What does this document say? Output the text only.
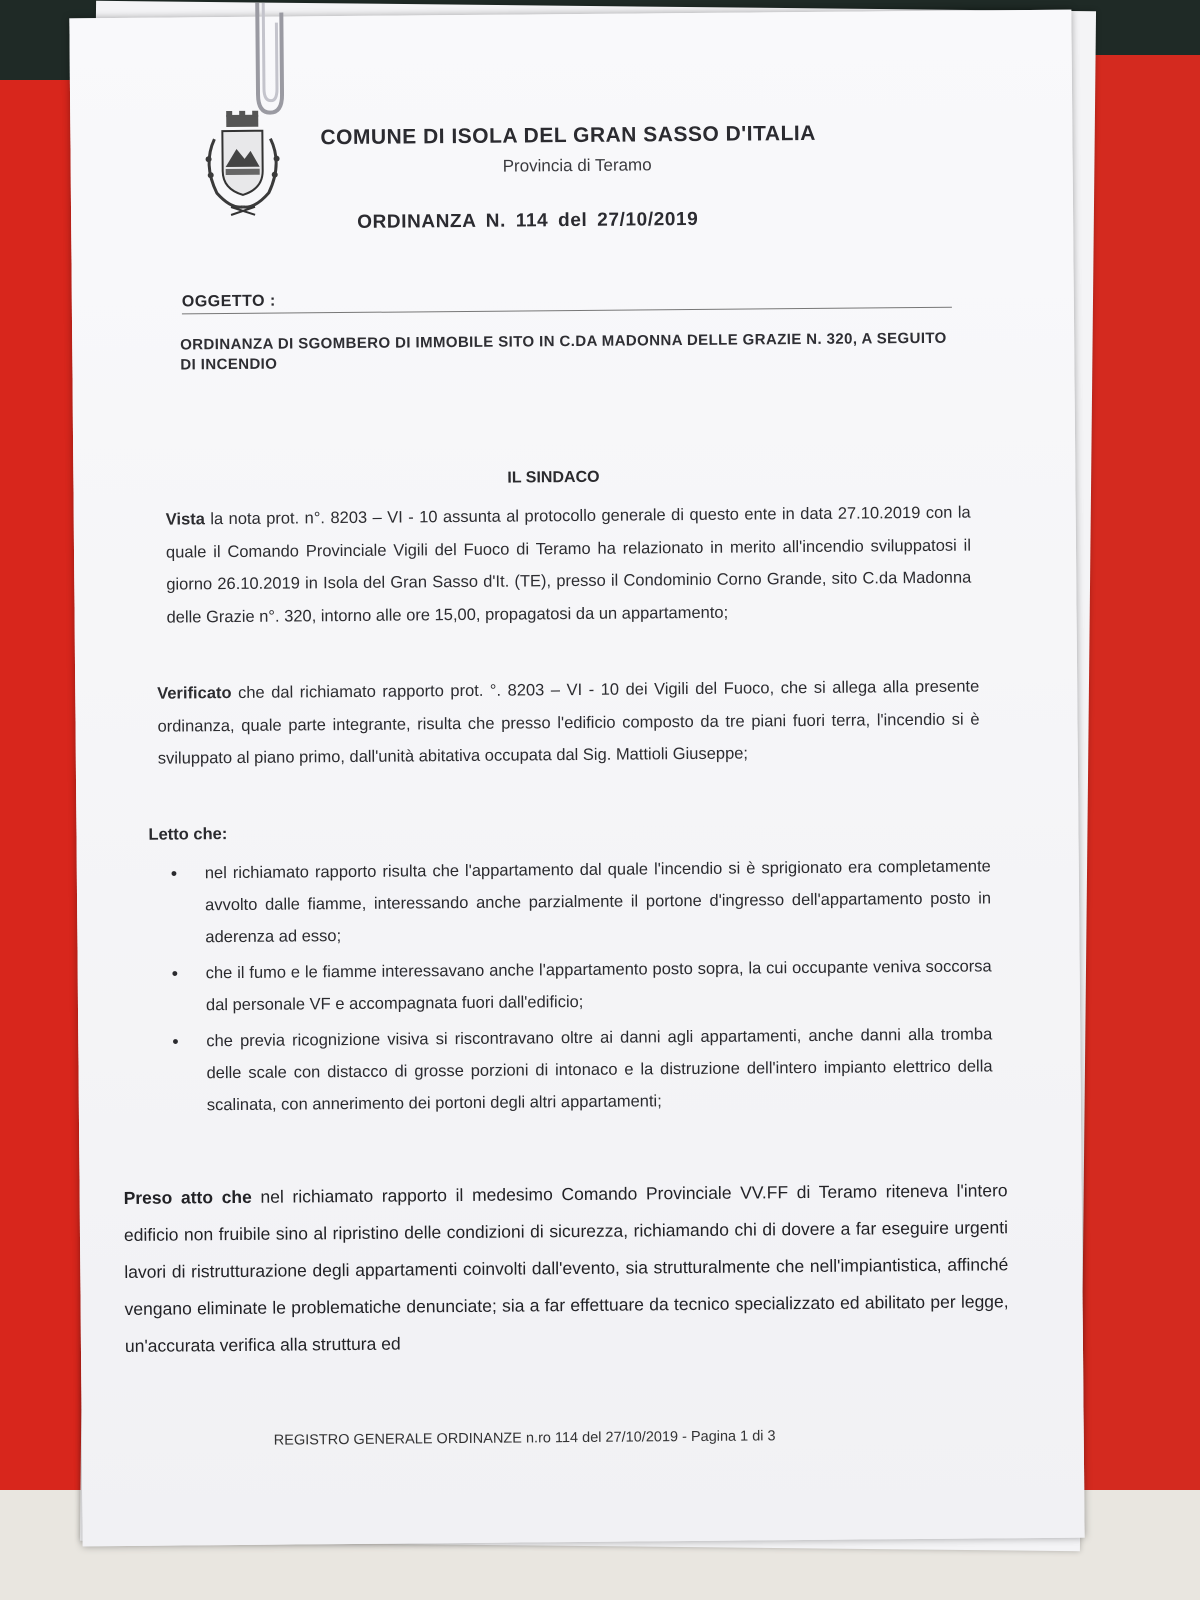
COMUNE DI ISOLA DEL GRAN SASSO D'ITALIA
Provincia di Teramo
ORDINANZA N. 114 del 27/10/2019
OGGETTO :
ORDINANZA DI SGOMBERO DI IMMOBILE SITO IN C.DA MADONNA DELLE GRAZIE N. 320, A SEGUITO DI INCENDIO
IL SINDACO
Vista la nota prot. n°. 8203 – VI - 10 assunta al protocollo generale di questo ente in data 27.10.2019 con la quale il Comando Provinciale Vigili del Fuoco di Teramo ha relazionato in merito all'incendio sviluppatosi il giorno 26.10.2019 in Isola del Gran Sasso d'It. (TE), presso il Condominio Corno Grande, sito C.da Madonna delle Grazie n°. 320, intorno alle ore 15,00, propagatosi da un appartamento;
Verificato che dal richiamato rapporto prot. °. 8203 – VI - 10 dei Vigili del Fuoco, che si allega alla presente ordinanza, quale parte integrante, risulta che presso l'edificio composto da tre piani fuori terra, l'incendio si è sviluppato al piano primo, dall'unità abitativa occupata dal Sig. Mattioli Giuseppe;
Letto che:
• nel richiamato rapporto risulta che l'appartamento dal quale l'incendio si è sprigionato era completamente avvolto dalle fiamme, interessando anche parzialmente il portone d'ingresso dell'appartamento posto in aderenza ad esso;
• che il fumo e le fiamme interessavano anche l'appartamento posto sopra, la cui occupante veniva soccorsa dal personale VF e accompagnata fuori dall'edificio;
• che previa ricognizione visiva si riscontravano oltre ai danni agli appartamenti, anche danni alla tromba delle scale con distacco di grosse porzioni di intonaco e la distruzione dell'intero impianto elettrico della scalinata, con annerimento dei portoni degli altri appartamenti;
Preso atto che nel richiamato rapporto il medesimo Comando Provinciale VV.FF di Teramo riteneva l'intero edificio non fruibile sino al ripristino delle condizioni di sicurezza, richiamando chi di dovere a far eseguire urgenti lavori di ristrutturazione degli appartamenti coinvolti dall'evento, sia strutturalmente che nell'impiantistica, affinché vengano eliminate le problematiche denunciate; sia a far effettuare da tecnico specializzato ed abilitato per legge, un'accurata verifica alla struttura ed
REGISTRO GENERALE ORDINANZE n.ro 114 del 27/10/2019 - Pagina 1 di 3
